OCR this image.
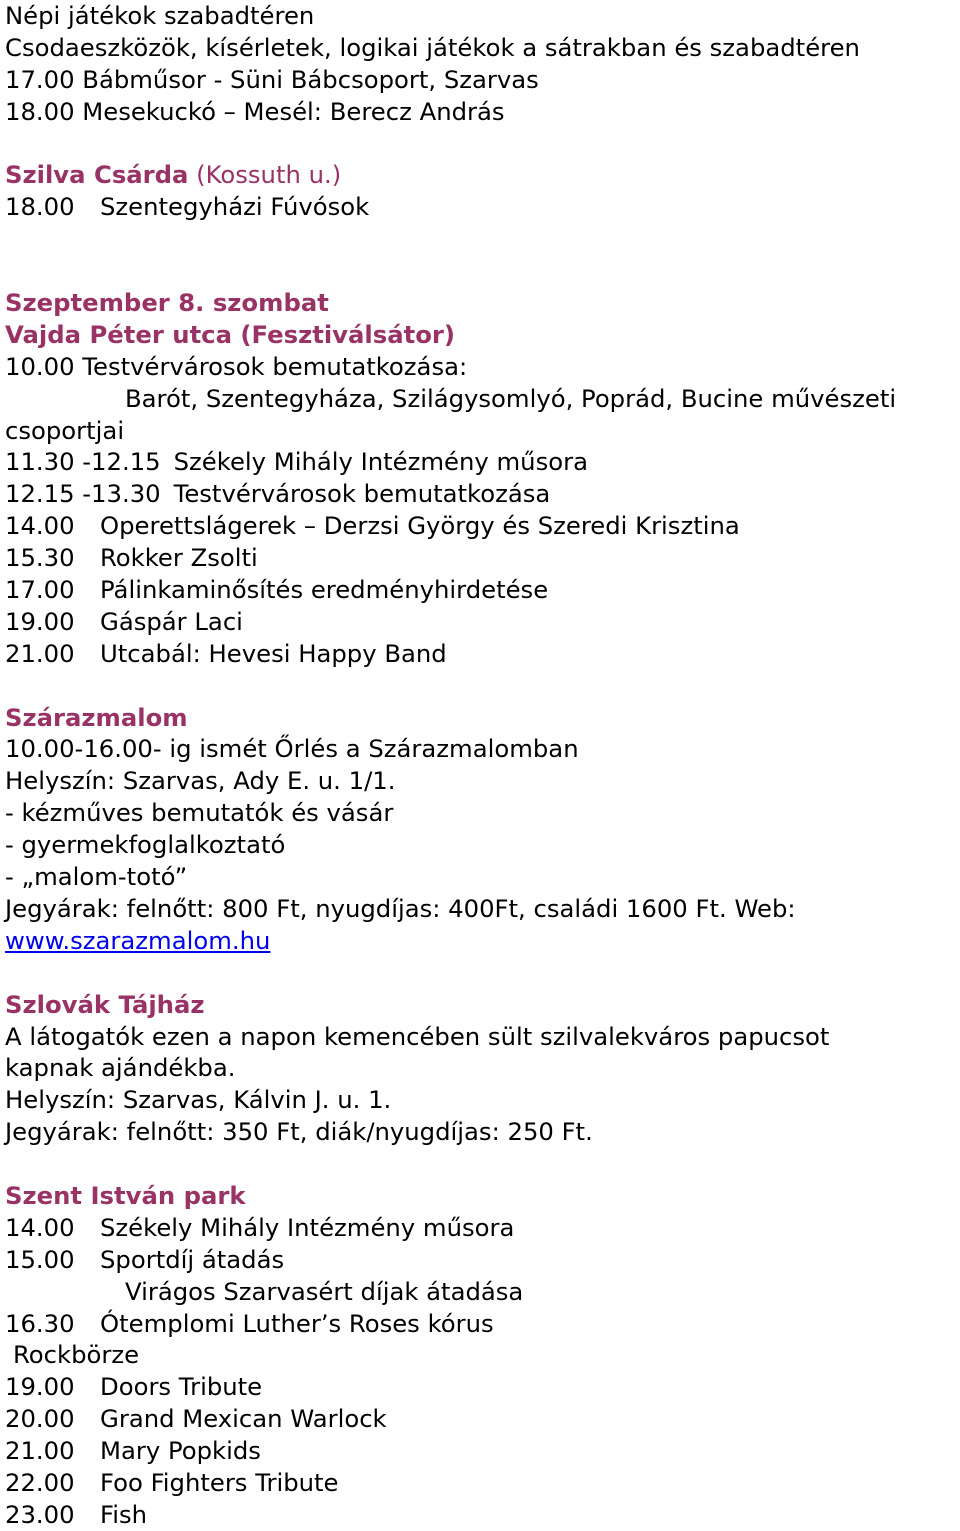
Népi játékok szabadtéren
Csodaeszközök, kísérletek, logikai játékok a sátrakban és szabadtéren
17.00 Bábműsor - Süni Bábcsoport, Szarvas
18.00 Mesekuckó – Mesél: Berecz András
Szilva Csárda (Kossuth u.)
18.00 Szentegyházi Fúvósok
Szeptember 8. szombat
Vajda Péter utca (Fesztiválsátor)
10.00 Testvérvárosok bemutatkozása:
Barót, Szentegyháza, Szilágysomlyó, Poprád, Bucine művészeti
csoportjai
11.30 -12.15 Székely Mihály Intézmény műsora
12.15 -13.30 Testvérvárosok bemutatkozása
14.00 Operettslágerek – Derzsi György és Szeredi Krisztina
15.30 Rokker Zsolti
17.00 Pálinkaminősítés eredményhirdetése
19.00 Gáspár Laci
21.00 Utcabál: Hevesi Happy Band
Szárazmalom
10.00-16.00- ig ismét Őrlés a Szárazmalomban
Helyszín: Szarvas, Ady E. u. 1/1.
- kézműves bemutatók és vásár
- gyermekfoglalkoztató
- „malom-totó”
Jegyárak: felnőtt: 800 Ft, nyugdíjas: 400Ft, családi 1600 Ft. Web:
www.szarazmalom.hu
Szlovák Tájház
A látogatók ezen a napon kemencében sült szilvalekváros papucsot
kapnak ajándékba.
Helyszín: Szarvas, Kálvin J. u. 1.
Jegyárak: felnőtt: 350 Ft, diák/nyugdíjas: 250 Ft.
Szent István park
14.00 Székely Mihály Intézmény műsora
15.00 Sportdíj átadás
Virágos Szarvasért díjak átadása
16.30 Ótemplomi Luther’s Roses kórus
Rockbörze
19.00 Doors Tribute
20.00 Grand Mexican Warlock
21.00 Mary Popkids
22.00 Foo Fighters Tribute
23.00 Fish
